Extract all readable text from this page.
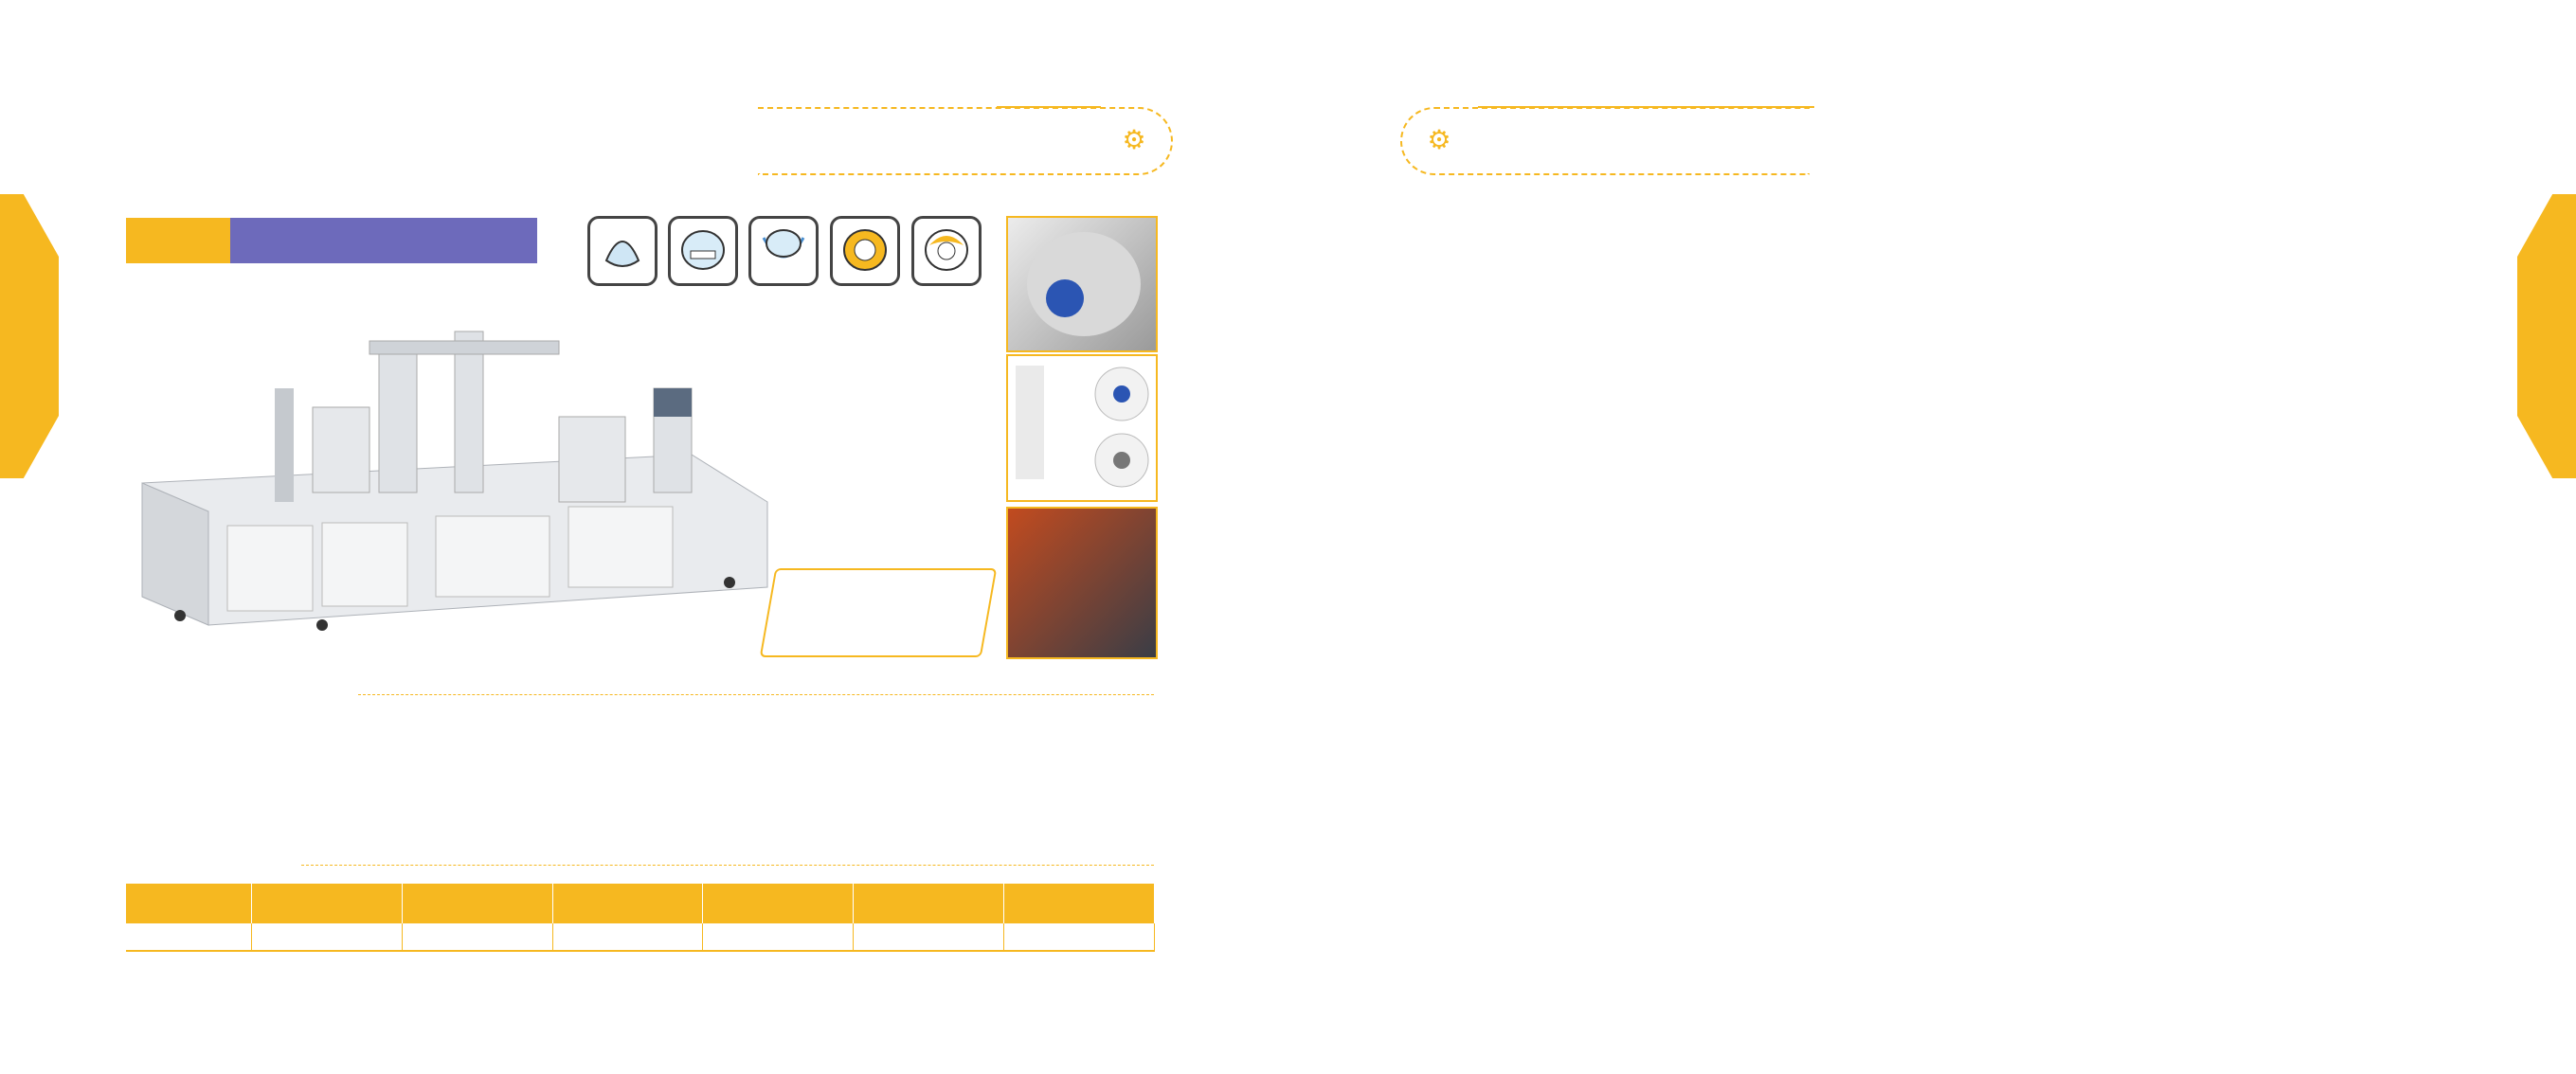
⚙

							⚙
